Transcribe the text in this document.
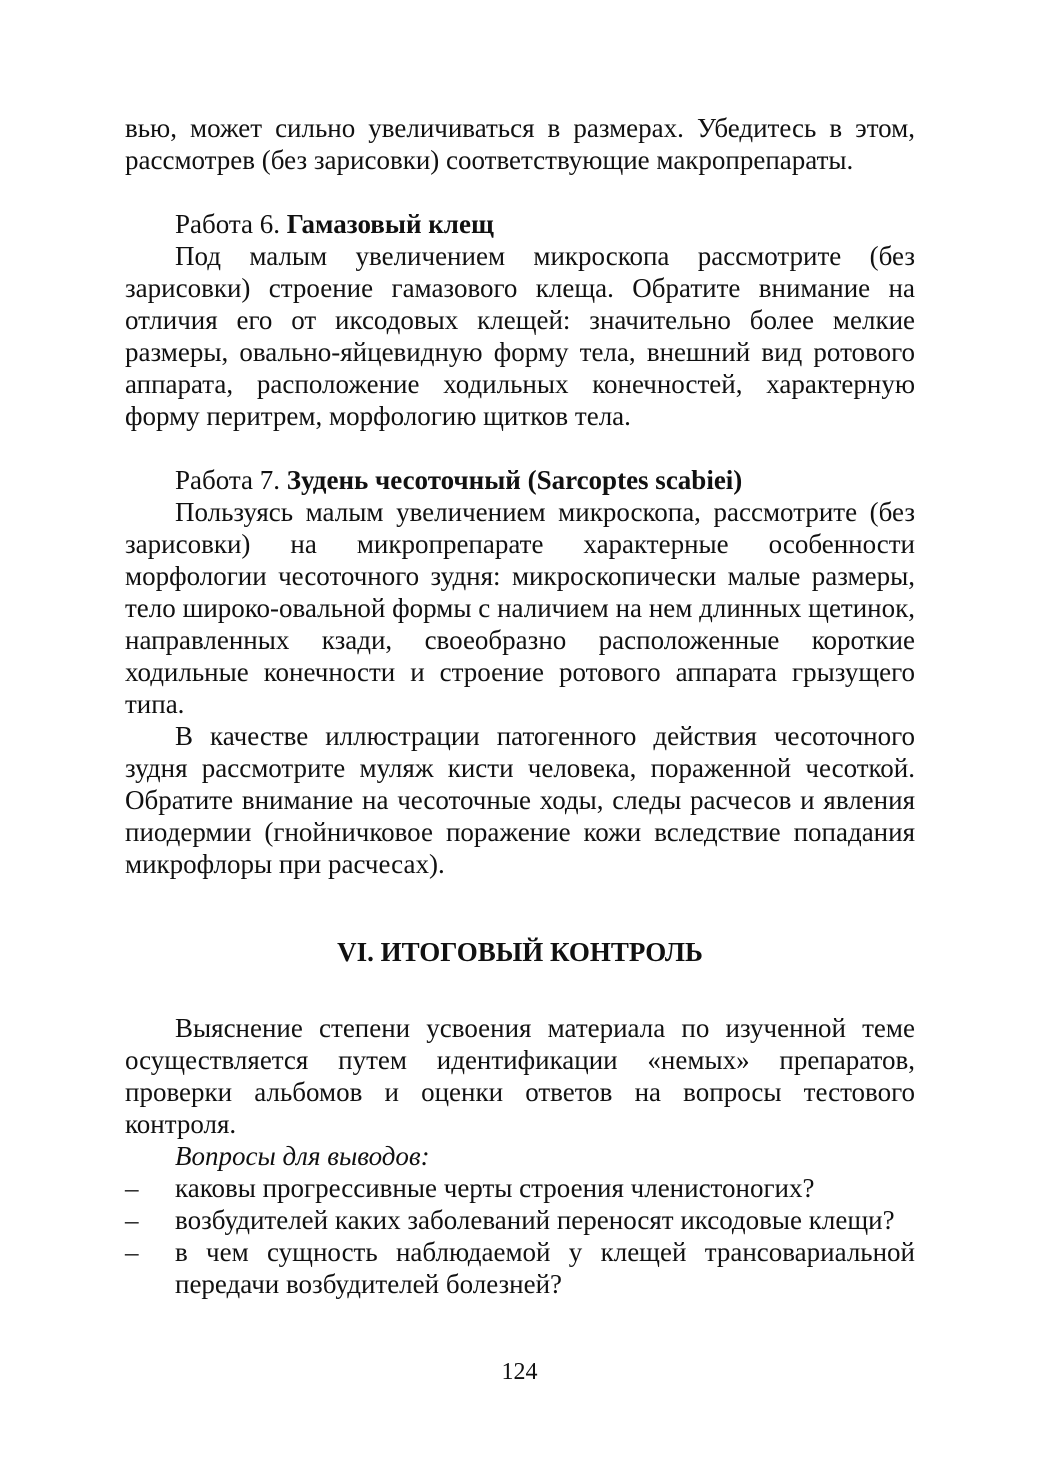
вью, может сильно увеличиваться в размерах. Убедитесь в этом, рассмотрев (без зарисовки) соответствующие макропрепараты.

Работа 6. Гамазовый клещ

Под малым увеличением микроскопа рассмотрите (без зарисовки) строение гамазового клеща. Обратите внимание на отличия его от иксодовых клещей: значительно более мелкие размеры, овально-яйцевидную форму тела, внешний вид ротового аппарата, расположение ходильных конечностей, характерную форму перитрем, морфологию щитков тела.

Работа 7. Зудень чесоточный (Sarcoptes scabiei)

Пользуясь малым увеличением микроскопа, рассмотрите (без зарисовки) на микропрепарате характерные особенности морфологии чесоточного зудня: микроскопически малые размеры, тело широко-овальной формы с наличием на нем длинных щетинок, направленных кзади, своеобразно расположенные короткие ходильные конечности и строение ротового аппарата грызущего типа.

В качестве иллюстрации патогенного действия чесоточного зудня рассмотрите муляж кисти человека, пораженной чесоткой. Обратите внимание на чесоточные ходы, следы расчесов и явления пиодермии (гнойничковое поражение кожи вследствие попадания микрофлоры при расчесах).

VI. ИТОГОВЫЙ КОНТРОЛЬ

Выяснение степени усвоения материала по изученной теме осуществляется путем идентификации «немых» препаратов, проверки альбомов и оценки ответов на вопросы тестового контроля.

Вопросы для выводов:

– каковы прогрессивные черты строения членистоногих?

– возбудителей каких заболеваний переносят иксодовые клещи?

– в чем сущность наблюдаемой у клещей трансовариальной передачи возбудителей болезней?

124
